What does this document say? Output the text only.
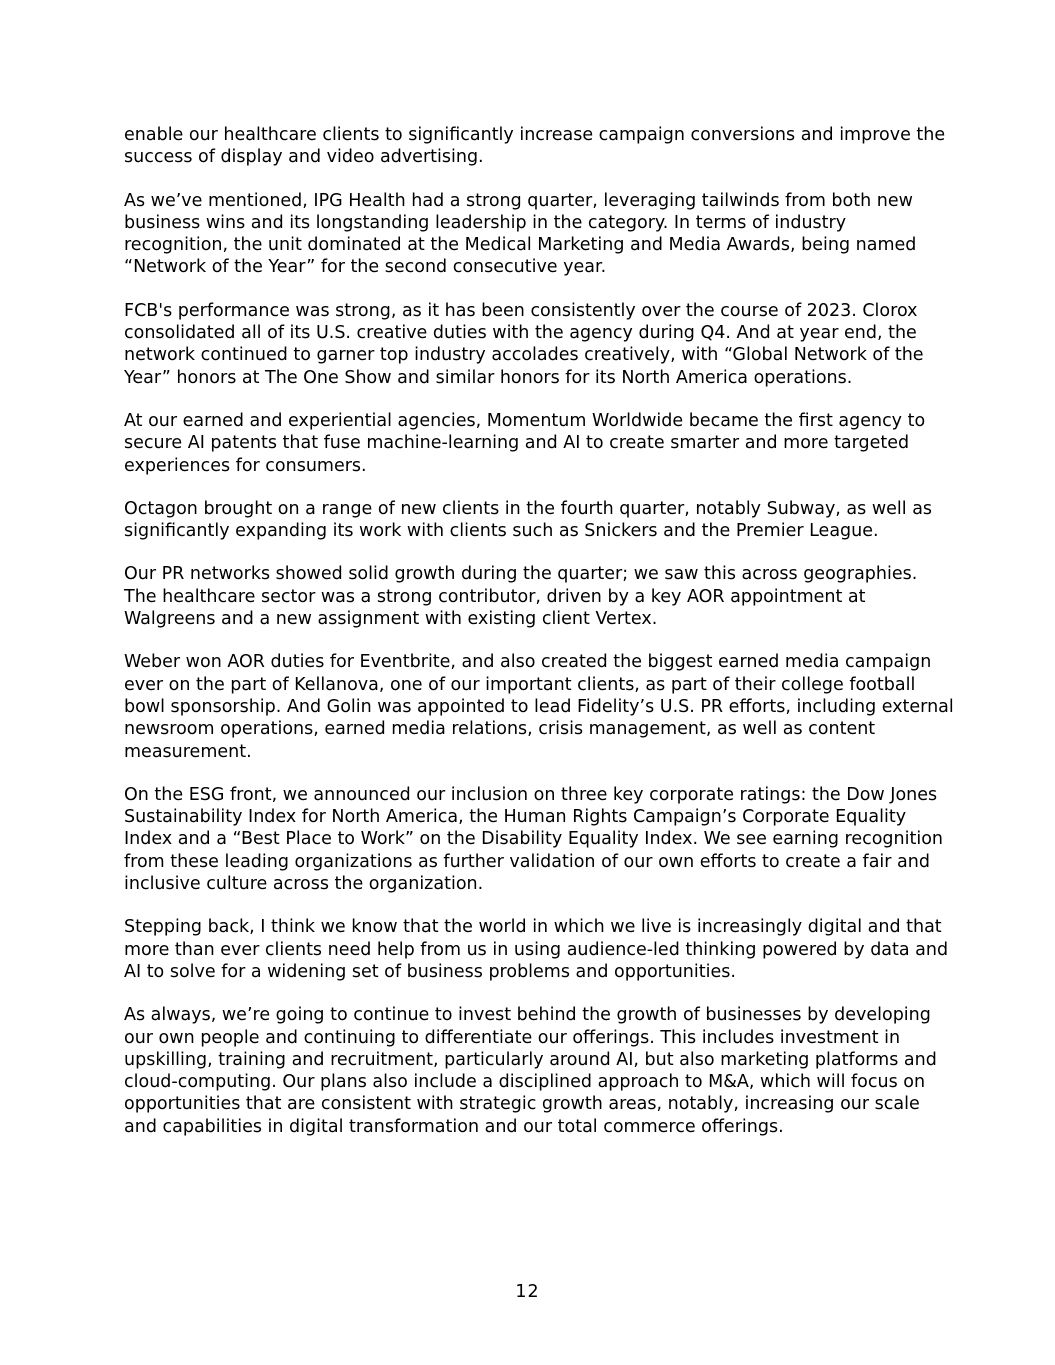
enable our healthcare clients to significantly increase campaign conversions and improve the success of display and video advertising.

As we’ve mentioned, IPG Health had a strong quarter, leveraging tailwinds from both new business wins and its longstanding leadership in the category. In terms of industry recognition, the unit dominated at the Medical Marketing and Media Awards, being named “Network of the Year” for the second consecutive year.

FCB's performance was strong, as it has been consistently over the course of 2023. Clorox consolidated all of its U.S. creative duties with the agency during Q4. And at year end, the network continued to garner top industry accolades creatively, with “Global Network of the Year” honors at The One Show and similar honors for its North America operations.

At our earned and experiential agencies, Momentum Worldwide became the first agency to secure AI patents that fuse machine-learning and AI to create smarter and more targeted experiences for consumers.

Octagon brought on a range of new clients in the fourth quarter, notably Subway, as well as significantly expanding its work with clients such as Snickers and the Premier League.

Our PR networks showed solid growth during the quarter; we saw this across geographies. The healthcare sector was a strong contributor, driven by a key AOR appointment at Walgreens and a new assignment with existing client Vertex.

Weber won AOR duties for Eventbrite, and also created the biggest earned media campaign ever on the part of Kellanova, one of our important clients, as part of their college football bowl sponsorship. And Golin was appointed to lead Fidelity’s U.S. PR efforts, including external newsroom operations, earned media relations, crisis management, as well as content measurement.

On the ESG front, we announced our inclusion on three key corporate ratings: the Dow Jones Sustainability Index for North America, the Human Rights Campaign’s Corporate Equality Index and a “Best Place to Work” on the Disability Equality Index. We see earning recognition from these leading organizations as further validation of our own efforts to create a fair and inclusive culture across the organization.

Stepping back, I think we know that the world in which we live is increasingly digital and that more than ever clients need help from us in using audience-led thinking powered by data and AI to solve for a widening set of business problems and opportunities.

As always, we’re going to continue to invest behind the growth of businesses by developing our own people and continuing to differentiate our offerings. This includes investment in upskilling, training and recruitment, particularly around AI, but also marketing platforms and cloud-computing. Our plans also include a disciplined approach to M&A, which will focus on opportunities that are consistent with strategic growth areas, notably, increasing our scale and capabilities in digital transformation and our total commerce offerings.

12
